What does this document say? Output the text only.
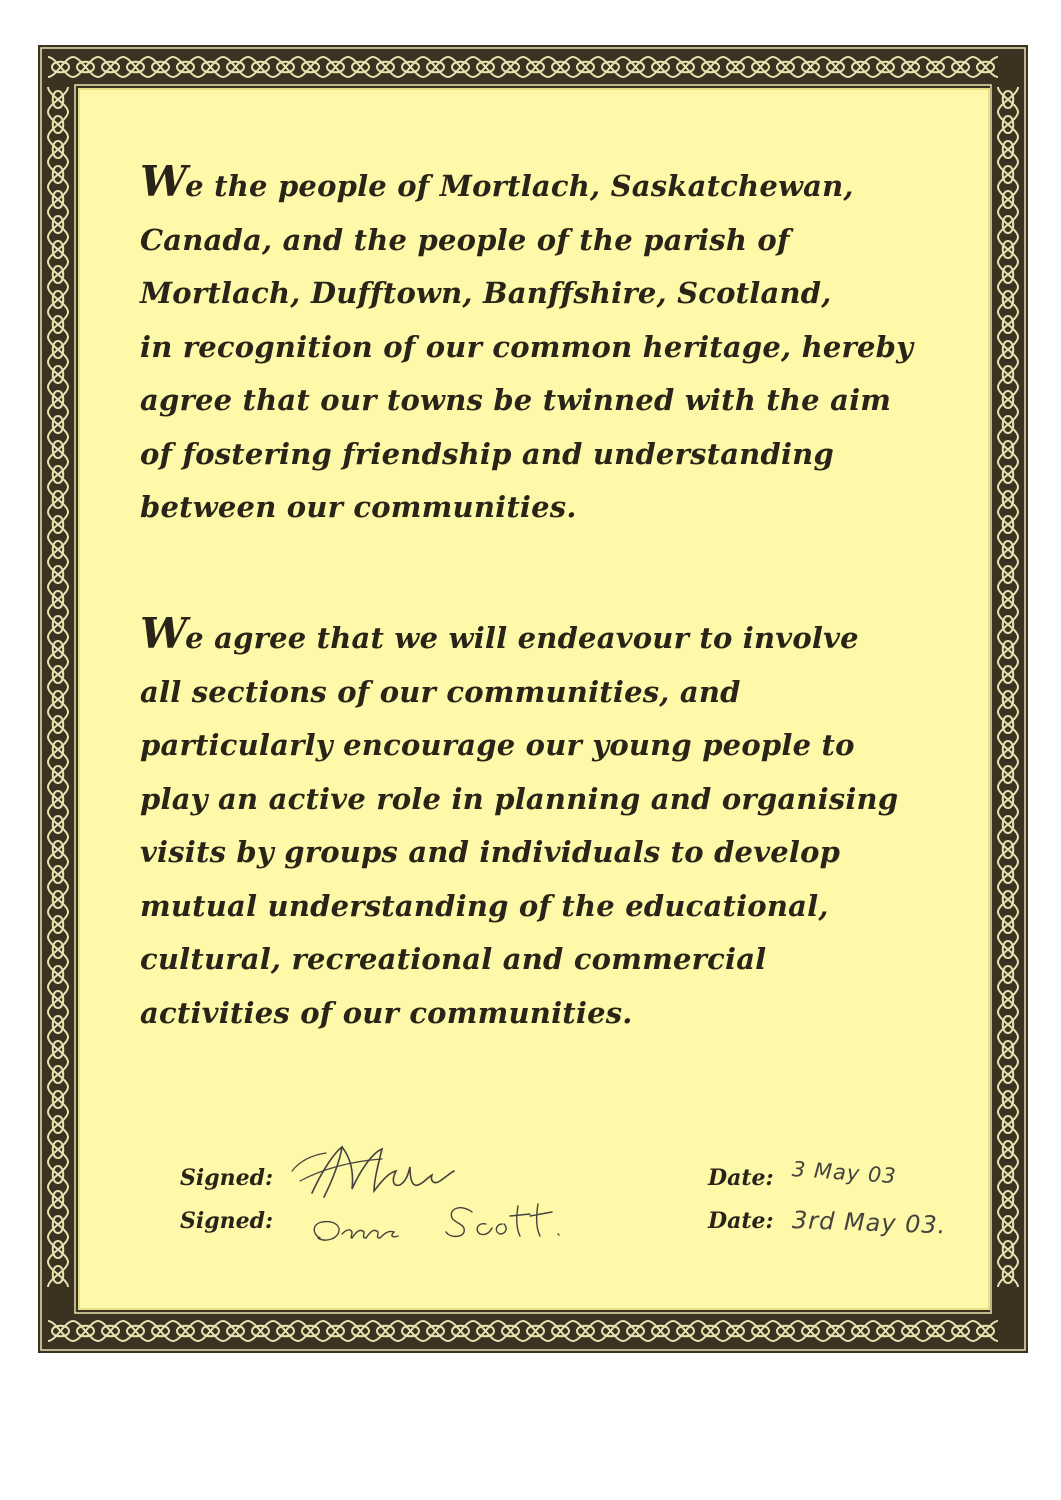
We the people of Mortlach, Saskatchewan,
Canada, and the people of the parish of
Mortlach, Dufftown, Banffshire, Scotland,
in recognition of our common heritage, hereby
agree that our towns be twinned with the aim
of fostering friendship and understanding
between our communities.

We agree that we will endeavour to involve
all sections of our communities, and
particularly encourage our young people to
play an active role in planning and organising
visits by groups and individuals to develop
mutual understanding of the educational,
cultural, recreational and commercial
activities of our communities.

Signed:	Date: 3 May 03
Signed:	Date: 3rd May 03.
